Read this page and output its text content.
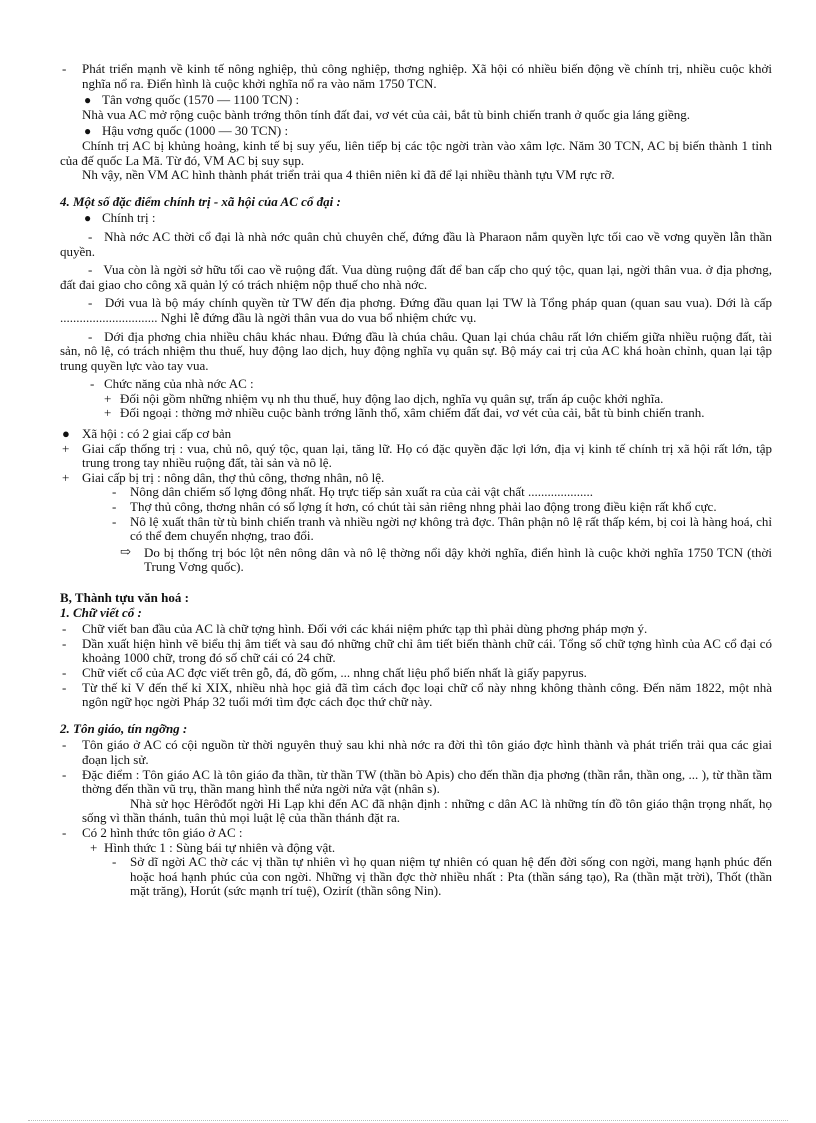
- Phát triển mạnh về kinh tế nông nghiệp, thủ công nghiệp, thơng nghiệp. Xã hội có nhiều biến động về chính trị, nhiều cuộc khởi nghĩa nổ ra. Điển hình là cuộc khởi nghĩa nổ ra vào năm 1750 TCN.

● Tân vơng quốc (1570 — 1100 TCN) :

Nhà vua AC mở rộng cuộc bành trớng thôn tính đất đai, vơ vét của cải, bắt tù binh chiến tranh ở quốc gia láng giềng.

● Hậu vơng quốc (1000 — 30 TCN) :

Chính trị AC bị khủng hoảng, kinh tế bị suy yếu, liên tiếp bị các tộc ngời tràn vào xâm lợc. Năm 30 TCN, AC bị biến thành 1 tỉnh của đế quốc La Mã. Từ đó, VM AC bị suy sụp.

Nh vậy, nền VM AC hình thành phát triển trải qua 4 thiên niên kỉ đã để lại nhiều thành tựu VM rực rỡ.

4. Một số đặc điểm chính trị - xã hội của AC cổ đại :

● Chính trị :

- Nhà nớc AC thời cổ đại là nhà nớc quân chủ chuyên chế, đứng đầu là Pharaon nắm quyền lực tối cao về vơng quyền lẫn thần quyền.

- Vua còn là ngời sở hữu tối cao về ruộng đất. Vua dùng ruộng đất để ban cấp cho quý tộc, quan lại, ngời thân vua. ở địa phơng, đất đai giao cho công xã quản lý có trách nhiệm nộp thuế cho nhà nớc.

- Dới vua là bộ máy chính quyền từ TW đến địa phơng. Đứng đầu quan lại TW là Tổng pháp quan (quan sau vua). Dới là cấp .............................. Nghi lễ đứng đầu là ngời thân vua do vua bổ nhiệm chức vụ.

- Dới địa phơng chia nhiều châu khác nhau. Đứng đầu là chúa châu. Quan lại chúa châu rất lớn chiếm giữa nhiều ruộng đất, tài sản, nô lệ, có trách nhiệm thu thuế, huy động lao dịch, huy động nghĩa vụ quân sự. Bộ máy cai trị của AC khá hoàn chỉnh, quan lại tập trung quyền lực vào tay vua.

- Chức năng của nhà nớc AC :

+ Đối nội gồm những nhiệm vụ nh thu thuế, huy động lao dịch, nghĩa vụ quân sự, trấn áp cuộc khởi nghĩa.

+ Đối ngoại : thờng mở nhiều cuộc bành trớng lãnh thổ, xâm chiếm đất đai, vơ vét của cải, bắt tù binh chiến tranh.

● Xã hội : có 2 giai cấp cơ bản

+ Giai cấp thống trị : vua, chủ nô, quý tộc, quan lại, tăng lữ. Họ có đặc quyền đặc lợi lớn, địa vị kinh tế chính trị xã hội rất lớn, tập trung trong tay nhiều ruộng đất, tài sản và nô lệ.

+ Giai cấp bị trị : nông dân, thợ thủ công, thơng nhân, nô lệ.

- Nông dân chiếm số lợng đông nhất. Họ trực tiếp sản xuất ra của cải vật chất ....................

- Thợ thủ công, thơng nhân có số lợng ít hơn, có chút tài sản riêng nhng phải lao động trong điều kiện rất khổ cực.

- Nô lệ xuất thân từ tù binh chiến tranh và nhiều ngời nợ không trả đợc. Thân phận nô lệ rất thấp kém, bị coi là hàng hoá, chỉ có thể đem chuyển nhợng, trao đổi.

⇨ Do bị thống trị bóc lột nên nông dân và nô lệ thờng nổi dậy khởi nghĩa, điển hình là cuộc khởi nghĩa 1750 TCN (thời Trung Vơng quốc).

B, Thành tựu văn hoá :

1. Chữ viết cổ :

- Chữ viết ban đầu của AC là chữ tợng hình. Đối với các khái niệm phức tạp thì phải dùng phơng pháp mợn ý.

- Dần xuất hiện hình vẽ biểu thị âm tiết và sau đó những chữ chỉ âm tiết biến thành chữ cái. Tổng số chữ tợng hình của AC cổ đại có khoảng 1000 chữ, trong đó số chữ cái có 24 chữ.

- Chữ viết cổ của AC đợc viết trên gỗ, đá, đồ gốm, ... nhng chất liệu phổ biến nhất là giấy papyrus.

- Từ thế kỉ V đến thế kỉ XIX, nhiều nhà học giả đã tìm cách đọc loại chữ cổ này nhng không thành công. Đến năm 1822, một nhà ngôn ngữ học ngời Pháp 32 tuổi mới tìm đợc cách đọc thứ chữ này.

2. Tôn giáo, tín ngỡng :

- Tôn giáo ở AC có cội nguồn từ thời nguyên thuỷ sau khi nhà nớc ra đời thì tôn giáo đợc hình thành và phát triển trải qua các giai đoạn lịch sử.

- Đặc điểm : Tôn giáo AC là tôn giáo đa thần, từ thần TW (thần bò Apis) cho đến thần địa phơng (thần rắn, thần ong, ... ), từ thần tầm thờng đến thần vũ trụ, thần mang hình thể nửa ngời nửa vật (nhân s).

Nhà sử học Hêrôđốt ngời Hi Lạp khi đến AC đã nhận định : những c dân AC là những tín đồ tôn giáo thận trọng nhất, họ sống vì thần thánh, tuân thủ mọi luật lệ của thần thánh đặt ra.

- Có 2 hình thức tôn giáo ở AC :

+ Hình thức 1 : Sùng bái tự nhiên và động vật.

- Sở dĩ ngời AC thờ các vị thần tự nhiên vì họ quan niệm tự nhiên có quan hệ đến đời sống con ngời, mang hạnh phúc đến hoặc hoá hạnh phúc của con ngời. Những vị thần đợc thờ nhiều nhất : Pta (thần sáng tạo), Ra (thần mặt trời), Thốt (thần mặt trăng), Horút (sức mạnh trí tuệ), Ozirít (thần sông Nin).
